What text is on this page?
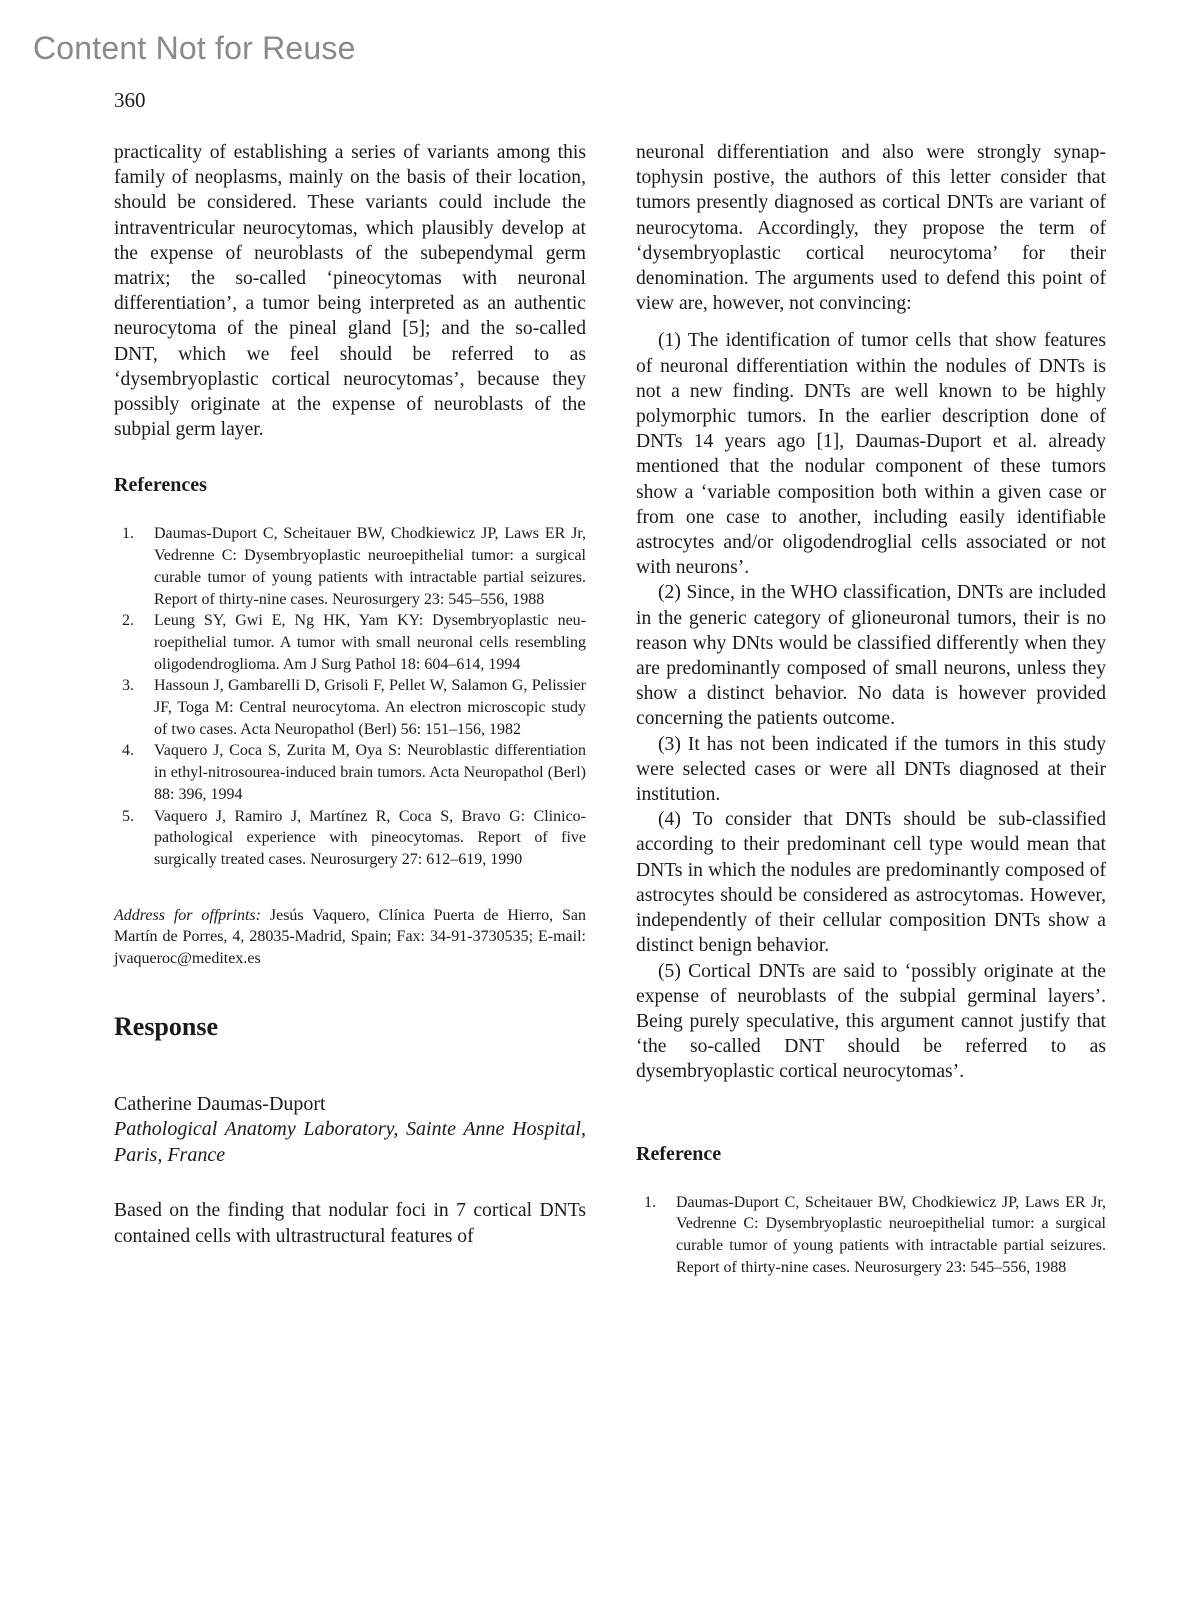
Content Not for Reuse
360

practicality of establishing a series of variants among this family of neoplasms, mainly on the basis of their location, should be considered. These variants could include the intraventricular neurocytomas, which plausibly develop at the expense of neuroblasts of the subependymal germ matrix; the so-called ‘pineocytomas with neuronal differentiation’, a tumor being interpreted as an authentic neurocytoma of the pineal gland [5]; and the so-called DNT, which we feel should be referred to as ‘dysembryoplastic cortical neurocytomas’, because they possibly originate at the expense of neuroblasts of the subpial germ layer.

References
1. Daumas-Duport C, Scheitauer BW, Chodkiewicz JP, Laws ER Jr, Vedrenne C: Dysembryoplastic neuroepithelial tumor: a surgical curable tumor of young patients with intractable partial seizures. Report of thirty-nine cases. Neurosurgery 23: 545–556, 1988
2. Leung SY, Gwi E, Ng HK, Yam KY: Dysembryoplastic neuroepithelial tumor. A tumor with small neuronal cells resembling oligodendroglioma. Am J Surg Pathol 18: 604–614, 1994
3. Hassoun J, Gambarelli D, Grisoli F, Pellet W, Salamon G, Pelissier JF, Toga M: Central neurocytoma. An electron microscopic study of two cases. Acta Neuropathol (Berl) 56: 151–156, 1982
4. Vaquero J, Coca S, Zurita M, Oya S: Neuroblastic differentiation in ethyl-nitrosourea-induced brain tumors. Acta Neuropathol (Berl) 88: 396, 1994
5. Vaquero J, Ramiro J, Martínez R, Coca S, Bravo G: Clinicopathological experience with pineocytomas. Report of five surgically treated cases. Neurosurgery 27: 612–619, 1990

Address for offprints: Jesús Vaquero, Clínica Puerta de Hierro, San Martín de Porres, 4, 28035-Madrid, Spain; Fax: 34-91-3730535; E-mail: jvaqueroc@meditex.es

Response

Catherine Daumas-Duport

Pathological Anatomy Laboratory, Sainte Anne Hospital, Paris, France

Based on the finding that nodular foci in 7 cortical DNTs contained cells with ultrastructural features of

neuronal differentiation and also were strongly synaptophysin postive, the authors of this letter consider that tumors presently diagnosed as cortical DNTs are variant of neurocytoma. Accordingly, they propose the term of ‘dysembryoplastic cortical neurocytoma’ for their denomination. The arguments used to defend this point of view are, however, not convincing:

(1) The identification of tumor cells that show features of neuronal differentiation within the nodules of DNTs is not a new finding. DNTs are well known to be highly polymorphic tumors. In the earlier description done of DNTs 14 years ago [1], Daumas-Duport et al. already mentioned that the nodular component of these tumors show a ‘variable composition both within a given case or from one case to another, including easily identifiable astrocytes and/or oligodendroglial cells associated or not with neurons’.

(2) Since, in the WHO classification, DNTs are included in the generic category of glioneuronal tumors, their is no reason why DNts would be classified differently when they are predominantly composed of small neurons, unless they show a distinct behavior. No data is however provided concerning the patients outcome.

(3) It has not been indicated if the tumors in this study were selected cases or were all DNTs diagnosed at their institution.

(4) To consider that DNTs should be sub-classified according to their predominant cell type would mean that DNTs in which the nodules are predominantly composed of astrocytes should be considered as astrocytomas. However, independently of their cellular composition DNTs show a distinct benign behavior.

(5) Cortical DNTs are said to ‘possibly originate at the expense of neuroblasts of the subpial germinal layers’. Being purely speculative, this argument cannot justify that ‘the so-called DNT should be referred to as dysembryoplastic cortical neurocytomas’.

Reference
1. Daumas-Duport C, Scheitauer BW, Chodkiewicz JP, Laws ER Jr, Vedrenne C: Dysembryoplastic neuroepithelial tumor: a surgical curable tumor of young patients with intractable partial seizures. Report of thirty-nine cases. Neurosurgery 23: 545–556, 1988
